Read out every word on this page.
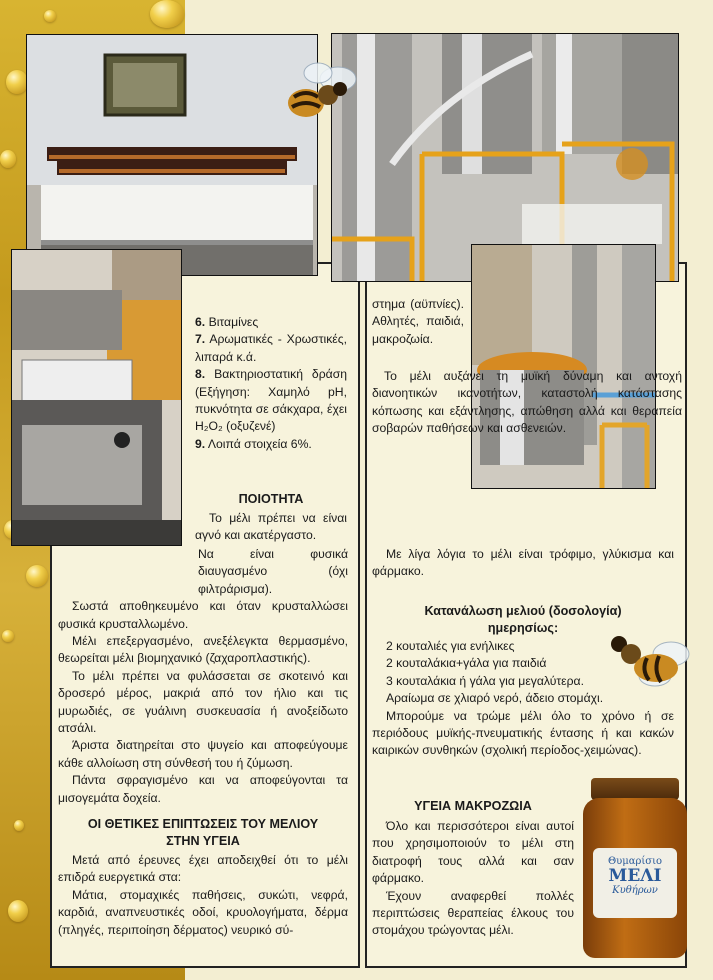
Θυμαρίσιο
ΜΕΛΙ
Κυθήρων

6. Βιταμίνες

7. Αρωματικές - Χρωστικές, λιπαρά κ.ά.

8. Βακτηριοστατική δράση (Εξήγηση: Χαμηλό pH, πυκνότητα σε σάκχαρα, έχει H₂O₂ (οξυζενέ)

9. Λοιπά στοιχεία 6%.

ΠΟΙΟΤΗΤΑ

Το μέλι πρέπει να είναι αγνό και ακατέργαστο.

Να είναι φυσικά διαυγασμένο (όχι φιλτράρισμα).

Σωστά αποθηκευμένο και όταν κρυσταλλώσει φυσικά κρυσταλλωμένο.

Μέλι επεξεργασμένο, ανεξέλεγκτα θερμασμένο, θεωρείται μέλι βιομηχανικό (ζαχαροπλαστικής).

Το μέλι πρέπει να φυλάσσεται σε σκοτεινό και δροσερό μέρος, μακριά από τον ήλιο και τις μυρωδιές, σε γυάλινη συσκευασία ή ανοξείδωτο ατσάλι.

Άριστα διατηρείται στο ψυγείο και αποφεύγουμε κάθε αλλοίωση στη σύνθεσή του ή ζύμωση.

Πάντα σφραγισμένο και να αποφεύγονται τα μισογεμάτα δοχεία.

ΟΙ ΘΕΤΙΚΕΣ ΕΠΙΠΤΩΣΕΙΣ ΤΟΥ ΜΕΛΙΟΥ
ΣΤΗΝ ΥΓΕΙΑ

Μετά από έρευνες έχει αποδειχθεί ότι το μέλι επιδρά ευεργετικά στα:

Μάτια, στομαχικές παθήσεις, συκώτι, νεφρά, καρδιά, αναπνευστικές οδοί, κρυολογήματα, δέρμα (πληγές, περιποίηση δέρματος) νευρικό σύ-

στημα (αϋπνίες). Αθλητές, παιδιά, μακροζωία.

Το μέλι αυξάνει τη μυϊκή δύναμη και αντοχή διανοητικών ικανοτήτων, καταστολή κατάστασης κόπωσης και εξάντλησης, απώθηση αλλά και θεραπεία σοβαρών παθήσεων και ασθενειών.

Με λίγα λόγια το μέλι είναι τρόφιμο, γλύκισμα και φάρμακο.

Κατανάλωση μελιού (δοσολογία)
ημερησίως:

2 κουταλιές για ενήλικες

2 κουταλάκια+γάλα για παιδιά

3 κουταλάκια ή γάλα για μεγαλύτερα.

Αραίωμα σε χλιαρό νερό, άδειο στομάχι.

Μπορούμε να τρώμε μέλι όλο το χρόνο ή σε περιόδους μυϊκής-πνευματικής έντασης ή και κακών καιρικών συνθηκών (σχολική περίοδος-χειμώνας).

ΥΓΕΙΑ ΜΑΚΡΟΖΩΙΑ

Όλο και περισσότεροι είναι αυτοί που χρησιμοποιούν το μέλι στη διατροφή τους αλλά και σαν φάρμακο.

Έχουν αναφερθεί πολλές περιπτώσεις θεραπείας έλκους του στομάχου τρώγοντας μέλι.
